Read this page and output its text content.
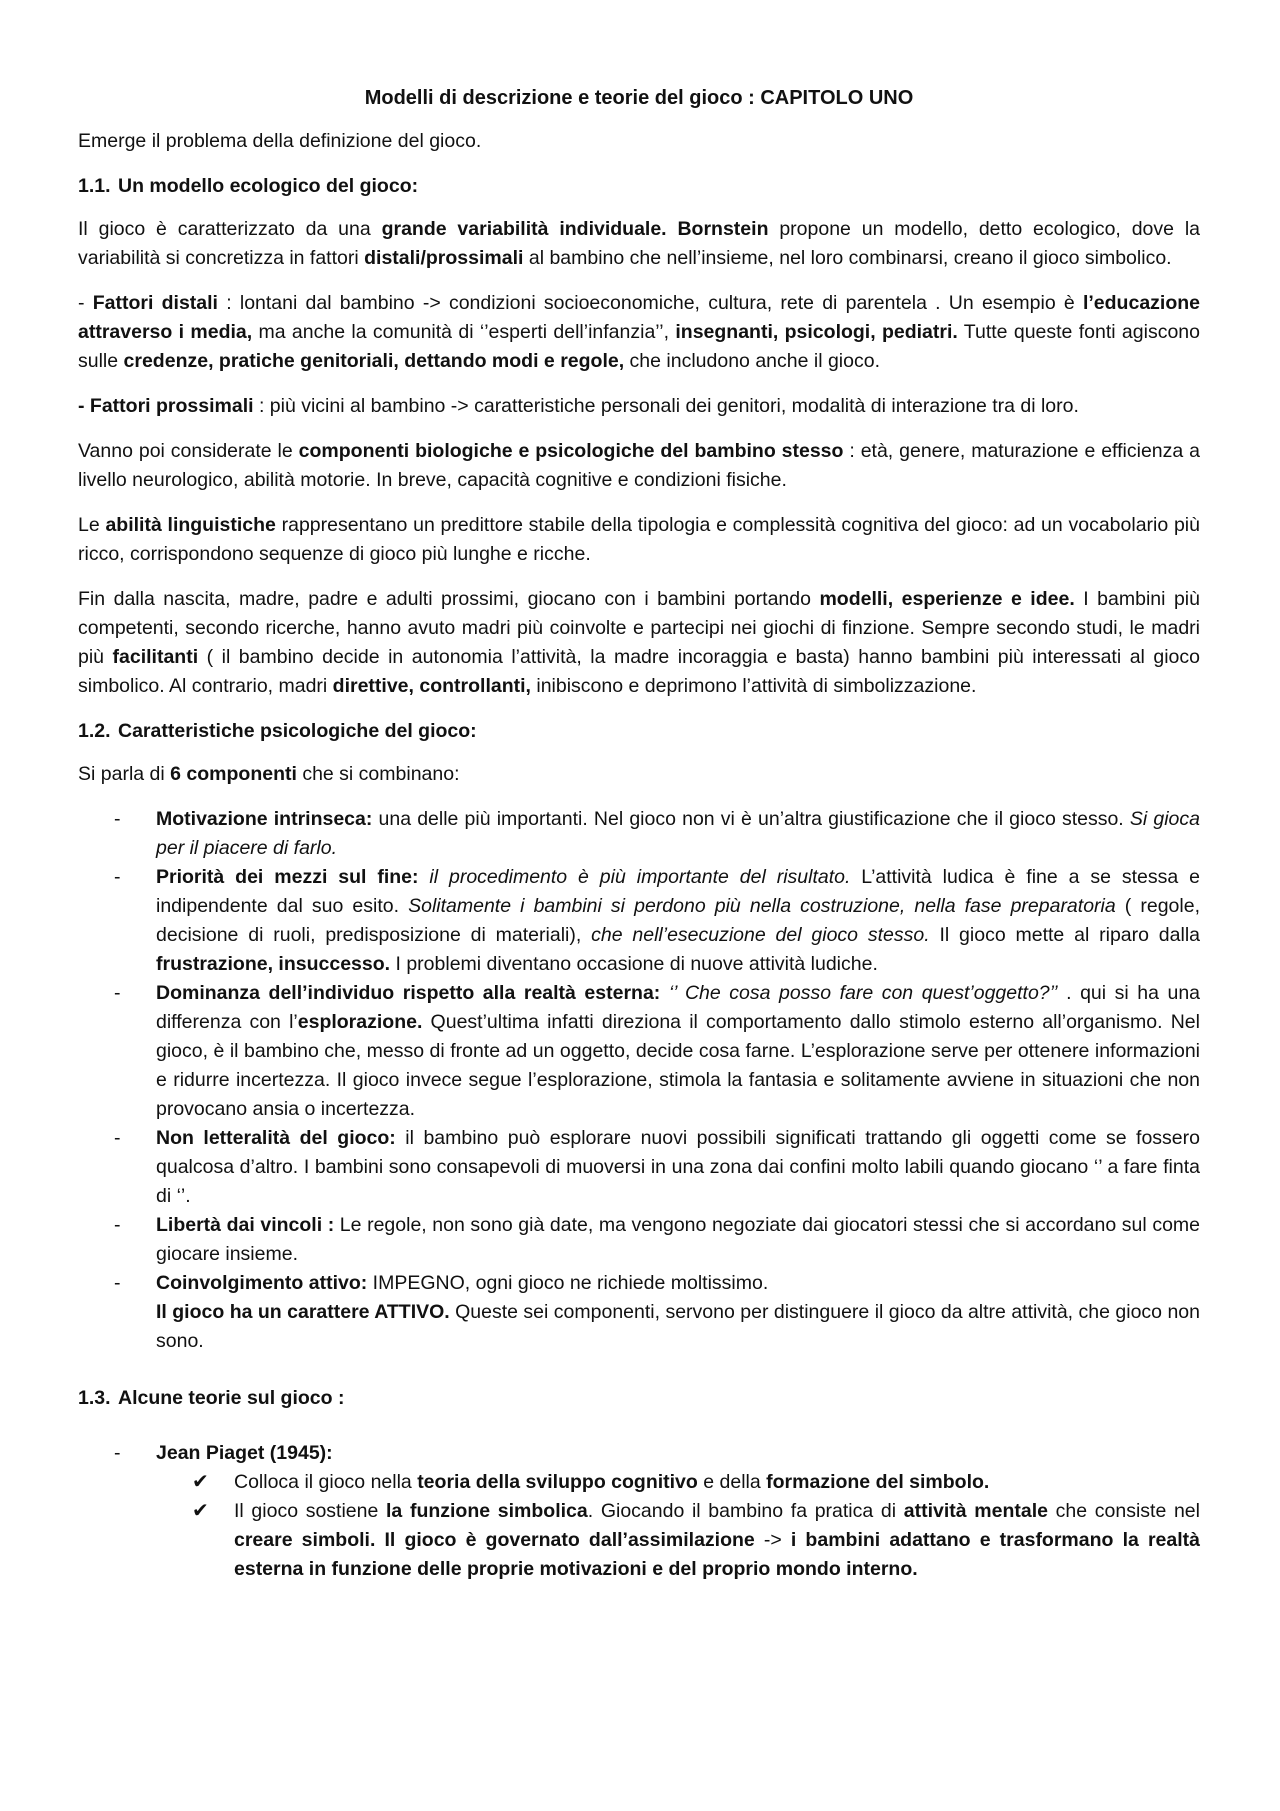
Modelli di descrizione e teorie del gioco : CAPITOLO UNO

Emerge il problema della definizione del gioco.

1.1. Un modello ecologico del gioco:

Il gioco è caratterizzato da una grande variabilità individuale. Bornstein propone un modello, detto ecologico, dove la variabilità si concretizza in fattori distali/prossimali al bambino che nell’insieme, nel loro combinarsi, creano il gioco simbolico.

- Fattori distali : lontani dal bambino -> condizioni socioeconomiche, cultura, rete di parentela . Un esempio è l’educazione attraverso i media, ma anche la comunità di ‘’esperti dell’infanzia’’, insegnanti, psicologi, pediatri. Tutte queste fonti agiscono sulle credenze, pratiche genitoriali, dettando modi e regole, che includono anche il gioco.

- Fattori prossimali : più vicini al bambino -> caratteristiche personali dei genitori, modalità di interazione tra di loro.

Vanno poi considerate le componenti biologiche e psicologiche del bambino stesso : età, genere, maturazione e efficienza a livello neurologico, abilità motorie. In breve, capacità cognitive e condizioni fisiche.

Le abilità linguistiche rappresentano un predittore stabile della tipologia e complessità cognitiva del gioco: ad un vocabolario più ricco, corrispondono sequenze di gioco più lunghe e ricche.

Fin dalla nascita, madre, padre e adulti prossimi, giocano con i bambini portando modelli, esperienze e idee. I bambini più competenti, secondo ricerche, hanno avuto madri più coinvolte e partecipi nei giochi di finzione. Sempre secondo studi, le madri più facilitanti ( il bambino decide in autonomia l’attività, la madre incoraggia e basta) hanno bambini più interessati al gioco simbolico. Al contrario, madri direttive, controllanti, inibiscono e deprimono l’attività di simbolizzazione.

1.2. Caratteristiche psicologiche del gioco:

Si parla di 6 componenti che si combinano:

- Motivazione intrinseca: una delle più importanti. Nel gioco non vi è un’altra giustificazione che il gioco stesso. Si gioca per il piacere di farlo.
- Priorità dei mezzi sul fine: il procedimento è più importante del risultato. L’attività ludica è fine a se stessa e indipendente dal suo esito. Solitamente i bambini si perdono più nella costruzione, nella fase preparatoria ( regole, decisione di ruoli, predisposizione di materiali), che nell’esecuzione del gioco stesso. Il gioco mette al riparo dalla frustrazione, insuccesso. I problemi diventano occasione di nuove attività ludiche.
- Dominanza dell’individuo rispetto alla realtà esterna: ‘’ Che cosa posso fare con quest’oggetto?’’ . qui si ha una differenza con l’esplorazione. Quest’ultima infatti direziona il comportamento dallo stimolo esterno all’organismo. Nel gioco, è il bambino che, messo di fronte ad un oggetto, decide cosa farne. L’esplorazione serve per ottenere informazioni e ridurre incertezza. Il gioco invece segue l’esplorazione, stimola la fantasia e solitamente avviene in situazioni che non provocano ansia o incertezza.
- Non letteralità del gioco: il bambino può esplorare nuovi possibili significati trattando gli oggetti come se fossero qualcosa d’altro. I bambini sono consapevoli di muoversi in una zona dai confini molto labili quando giocano ‘’ a fare finta di ‘’.
- Libertà dai vincoli : Le regole, non sono già date, ma vengono negoziate dai giocatori stessi che si accordano sul come giocare insieme.
- Coinvolgimento attivo: IMPEGNO, ogni gioco ne richiede moltissimo.
Il gioco ha un carattere ATTIVO. Queste sei componenti, servono per distinguere il gioco da altre attività, che gioco non sono.

1.3. Alcune teorie sul gioco :

- Jean Piaget (1945):
✔ Colloca il gioco nella teoria della sviluppo cognitivo e della formazione del simbolo.
✔ Il gioco sostiene la funzione simbolica. Giocando il bambino fa pratica di attività mentale che consiste nel creare simboli. Il gioco è governato dall’assimilazione -> i bambini adattano e trasformano la realtà esterna in funzione delle proprie motivazioni e del proprio mondo interno.
